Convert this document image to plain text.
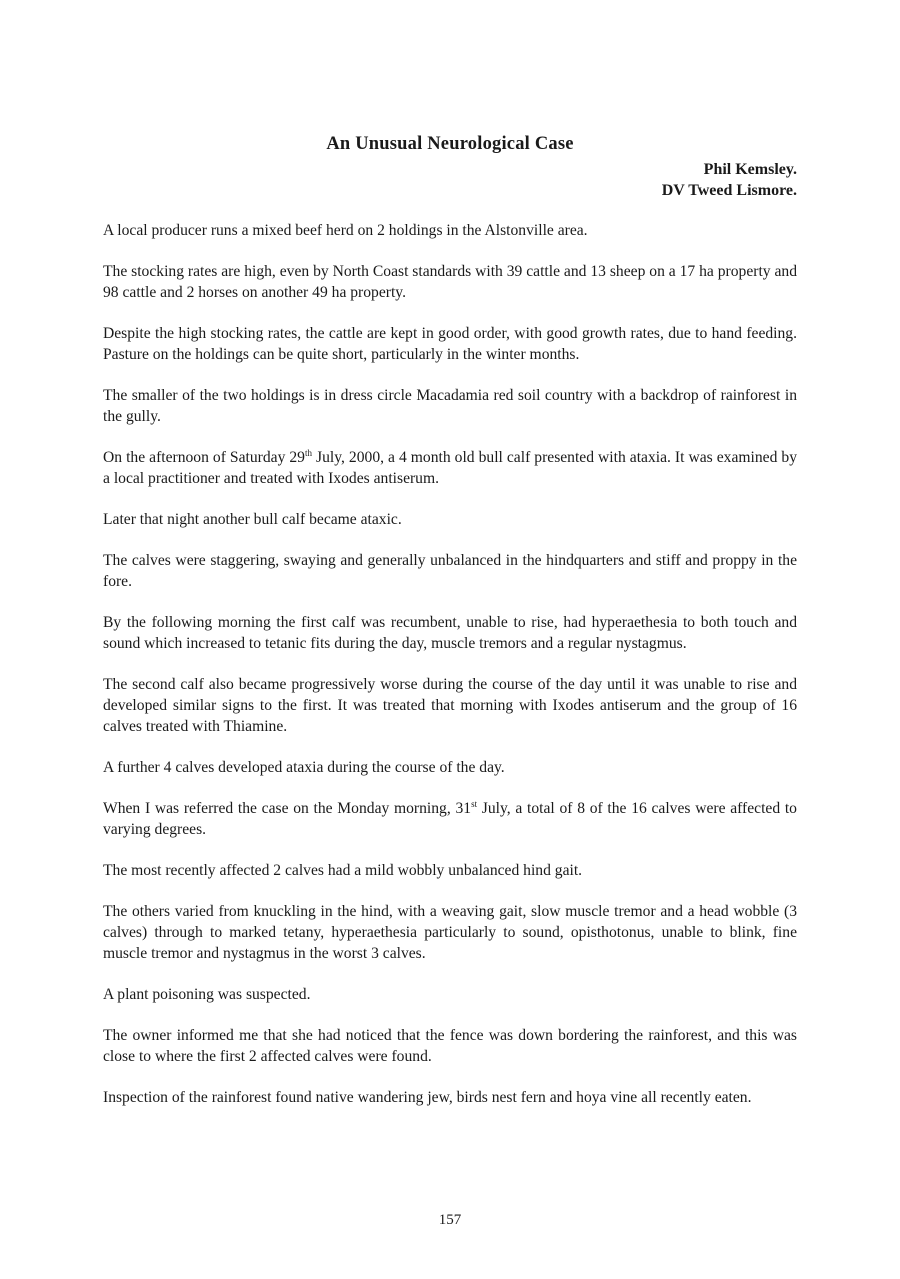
An Unusual Neurological Case
Phil Kemsley.
DV Tweed Lismore.

A local producer runs a mixed beef herd on 2 holdings in the Alstonville area.

The stocking rates are high, even by North Coast standards with 39 cattle and 13 sheep on a 17 ha property and 98 cattle and 2 horses on another 49 ha property.

Despite the high stocking rates, the cattle are kept in good order, with good growth rates, due to hand feeding. Pasture on the holdings can be quite short, particularly in the winter months.

The smaller of the two holdings is in dress circle Macadamia red soil country with a backdrop of rainforest in the gully.

On the afternoon of Saturday 29th July, 2000, a 4 month old bull calf presented with ataxia. It was examined by a local practitioner and treated with Ixodes antiserum.

Later that night another bull calf became ataxic.

The calves were staggering, swaying and generally unbalanced in the hindquarters and stiff and proppy in the fore.

By the following morning the first calf was recumbent, unable to rise, had hyperaethesia to both touch and sound which increased to tetanic fits during the day, muscle tremors and a regular nystagmus.

The second calf also became progressively worse during the course of the day until it was unable to rise and developed similar signs to the first. It was treated that morning with Ixodes antiserum and the group of 16 calves treated with Thiamine.

A further 4 calves developed ataxia during the course of the day.

When I was referred the case on the Monday morning, 31st July, a total of 8 of the 16 calves were affected to varying degrees.

The most recently affected 2 calves had a mild wobbly unbalanced hind gait.

The others varied from knuckling in the hind, with a weaving gait, slow muscle tremor and a head wobble (3 calves) through to marked tetany, hyperaethesia particularly to sound, opisthotonus, unable to blink, fine muscle tremor and nystagmus in the worst 3 calves.

A plant poisoning was suspected.

The owner informed me that she had noticed that the fence was down bordering the rainforest, and this was close to where the first 2 affected calves were found.

Inspection of the rainforest found native wandering jew, birds nest fern and hoya vine all recently eaten.

157
